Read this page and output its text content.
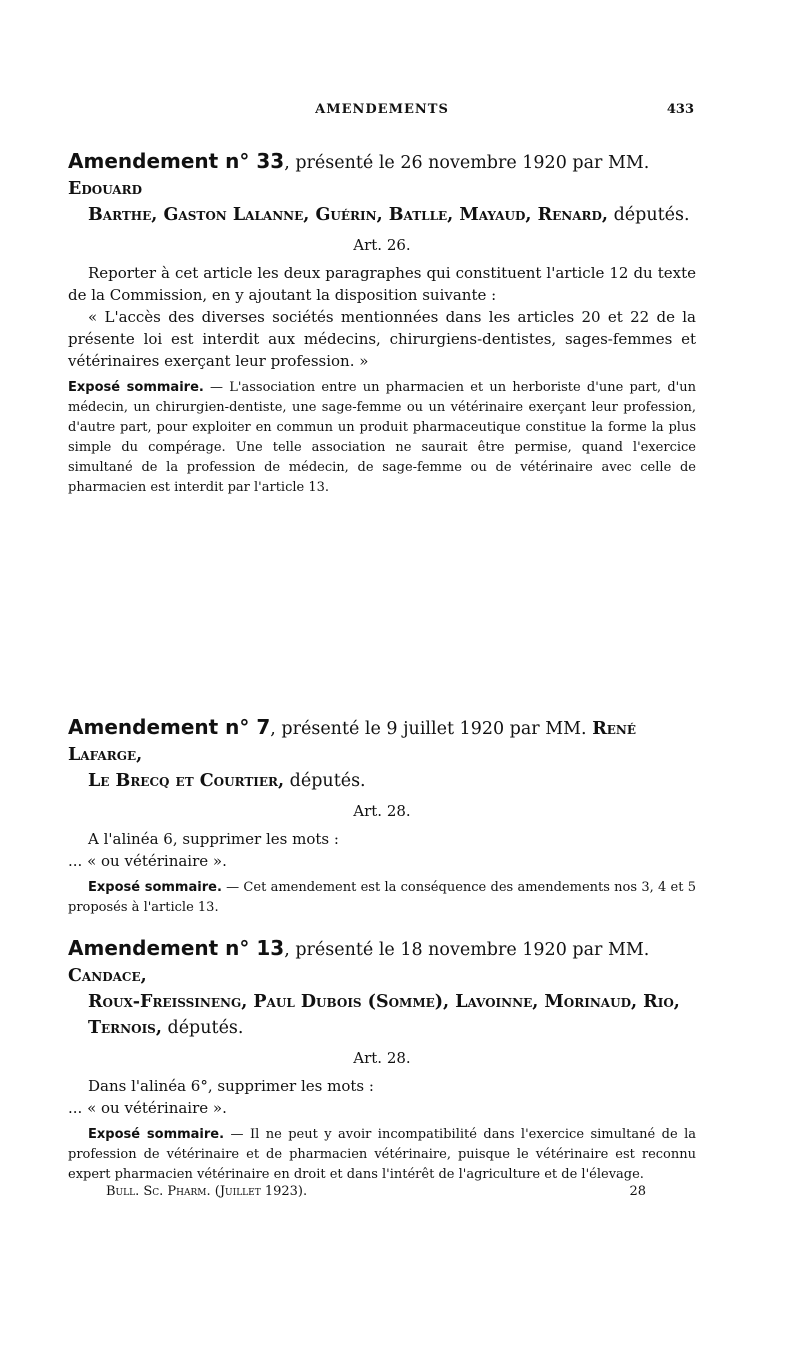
AMENDEMENTS	433

Amendement n° 33, présenté le 26 novembre 1920 par MM. Edouard
Barthe, Gaston Lalanne, Guérin, Batlle, Mayaud, Renard, députés.

Art. 26.

Reporter à cet article les deux paragraphes qui constituent l'article 12 du texte de la Commission, en y ajoutant la disposition suivante :

« L'accès des diverses sociétés mentionnées dans les articles 20 et 22 de la présente loi est interdit aux médecins, chirurgiens-dentistes, sages-femmes et vétérinaires exerçant leur profession. »

Exposé sommaire. — L'association entre un pharmacien et un herboriste d'une part, d'un médecin, un chirurgien-dentiste, une sage-femme ou un vétérinaire exerçant leur profession, d'autre part, pour exploiter en commun un produit pharmaceutique constitue la forme la plus simple du compérage. Une telle association ne saurait être permise, quand l'exercice simultané de la profession de médecin, de sage-femme ou de vétérinaire avec celle de pharmacien est interdit par l'article 13.

Amendement n° 7, présenté le 9 juillet 1920 par MM. René Lafarge,
Le Brecq et Courtier, députés.

Art. 28.

A l'alinéa 6, supprimer les mots :

... « ou vétérinaire ».

Exposé sommaire. — Cet amendement est la conséquence des amendements nos 3, 4 et 5 proposés à l'article 13.

Amendement n° 13, présenté le 18 novembre 1920 par MM. Candace,
Roux-Freissineng, Paul Dubois (Somme), Lavoinne, Morinaud, Rio,
Ternois, députés.

Art. 28.

Dans l'alinéa 6°, supprimer les mots :

... « ou vétérinaire ».

Exposé sommaire. — Il ne peut y avoir incompatibilité dans l'exercice simultané de la profession de vétérinaire et de pharmacien vétérinaire, puisque le vétérinaire est reconnu expert pharmacien vétérinaire en droit et dans l'intérêt de l'agriculture et de l'élevage.

Bull. Sc. Pharm. (Juillet 1923).	28
